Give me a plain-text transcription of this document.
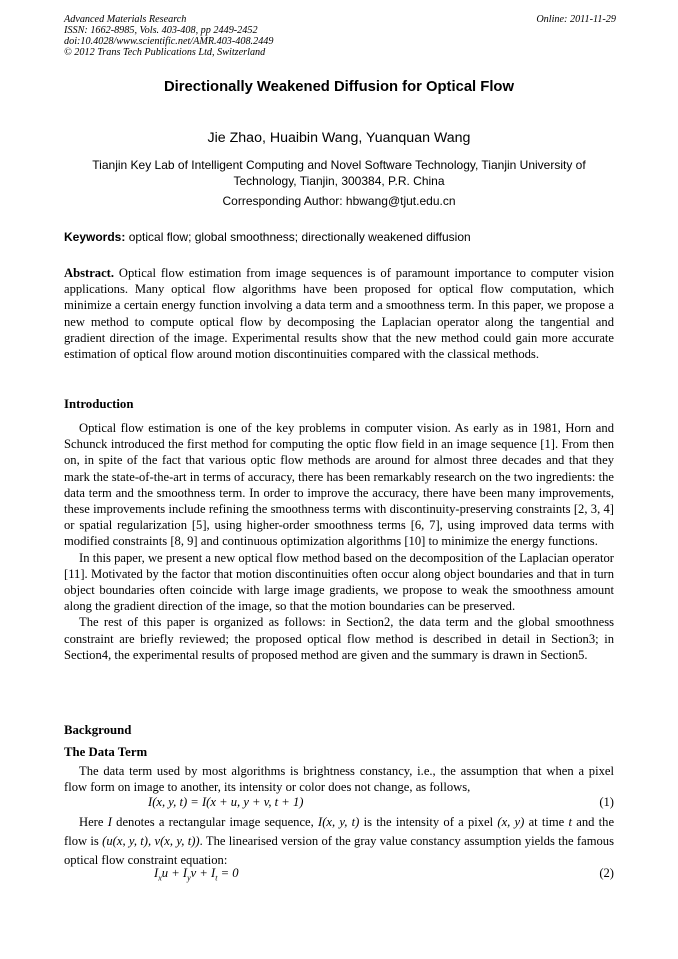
Advanced Materials Research
ISSN: 1662-8985, Vols. 403-408, pp 2449-2452
doi:10.4028/www.scientific.net/AMR.403-408.2449
© 2012 Trans Tech Publications Ltd, Switzerland
Online: 2011-11-29
Directionally Weakened Diffusion for Optical Flow
Jie Zhao, Huaibin Wang, Yuanquan Wang
Tianjin Key Lab of Intelligent Computing and Novel Software Technology, Tianjin University of Technology, Tianjin, 300384, P.R. China
Corresponding Author: hbwang@tjut.edu.cn
Keywords: optical flow; global smoothness; directionally weakened diffusion

Abstract. Optical flow estimation from image sequences is of paramount importance to computer vision applications. Many optical flow algorithms have been proposed for optical flow computation, which minimize a certain energy function involving a data term and a smoothness term. In this paper, we propose a new method to compute optical flow by decomposing the Laplacian operator along the tangential and gradient direction of the image. Experimental results show that the new method could gain more accurate estimation of optical flow around motion discontinuities compared with the classical methods.

Introduction

Optical flow estimation is one of the key problems in computer vision. As early as in 1981, Horn and Schunck introduced the first method for computing the optic flow field in an image sequence [1]. From then on, in spite of the fact that various optic flow methods are around for almost three decades and that they mark the state-of-the-art in terms of accuracy, there has been remarkably research on the two ingredients: the data term and the smoothness term. In order to improve the accuracy, there have been many improvements, these improvements include refining the smoothness terms with discontinuity-preserving constraints [2, 3, 4] or spatial regularization [5], using higher-order smoothness terms [6, 7], using improved data terms with modified constraints [8, 9] and continuous optimization algorithms [10] to minimize the energy functions.

In this paper, we present a new optical flow method based on the decomposition of the Laplacian operator [11]. Motivated by the factor that motion discontinuities often occur along object boundaries and that in turn object boundaries often coincide with large image gradients, we propose to weak the smoothness amount along the gradient direction of the image, so that the motion boundaries can be preserved.

The rest of this paper is organized as follows: in Section2, the data term and the global smoothness constraint are briefly reviewed; the proposed optical flow method is described in detail in Section3; in Section4, the experimental results of proposed method are given and the summary is drawn in Section5.

Background
The Data Term

The data term used by most algorithms is brightness constancy, i.e., the assumption that when a pixel flow form on image to another, its intensity or color does not change, as follows,

I(x, y, t) = I(x + u, y + v, t + 1)	(1)

Here I denotes a rectangular image sequence, I(x, y, t) is the intensity of a pixel (x, y) at time t and the flow is (u(x, y, t), v(x, y, t)). The linearised version of the gray value constancy assumption yields the famous optical flow constraint equation:

$I_xu + I_yv + I_t = 0$	(2)
